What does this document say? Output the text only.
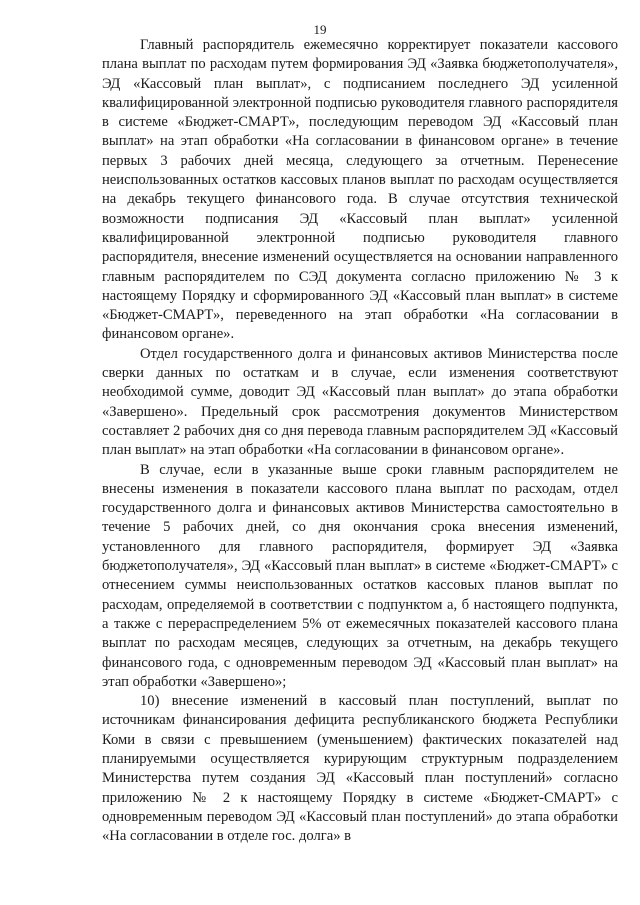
19

Главный распорядитель ежемесячно корректирует показатели кассового плана выплат по расходам путем формирования ЭД «Заявка бюджетополучателя», ЭД «Кассовый план выплат», с подписанием последнего ЭД усиленной квалифицированной электронной подписью руководителя главного распорядителя в системе «Бюджет-СМАРТ», последующим переводом ЭД «Кассовый план выплат» на этап обработки «На согласовании в финансовом органе» в течение первых 3 рабочих дней месяца, следующего за отчетным. Перенесение неиспользованных остатков кассовых планов выплат по расходам осуществляется на декабрь текущего финансового года. В случае отсутствия технической возможности подписания ЭД «Кассовый план выплат» усиленной квалифицированной электронной подписью руководителя главного распорядителя, внесение изменений осуществляется на основании направленного главным распорядителем по СЭД документа согласно приложению № 3 к настоящему Порядку и сформированного ЭД «Кассовый план выплат» в системе «Бюджет-СМАРТ», переведенного на этап обработки «На согласовании в финансовом органе».

Отдел государственного долга и финансовых активов Министерства после сверки данных по остаткам и в случае, если изменения соответствуют необходимой сумме, доводит ЭД «Кассовый план выплат» до этапа обработки «Завершено». Предельный срок рассмотрения документов Министерством составляет 2 рабочих дня со дня перевода главным распорядителем ЭД «Кассовый план выплат» на этап обработки «На согласовании в финансовом органе».

В случае, если в указанные выше сроки главным распорядителем не внесены изменения в показатели кассового плана выплат по расходам, отдел государственного долга и финансовых активов Министерства самостоятельно в течение 5 рабочих дней, со дня окончания срока внесения изменений, установленного для главного распорядителя, формирует ЭД «Заявка бюджетополучателя», ЭД «Кассовый план выплат» в системе «Бюджет-СМАРТ» с отнесением суммы неиспользованных остатков кассовых планов выплат по расходам, определяемой в соответствии с подпунктом а, б настоящего подпункта, а также с перераспределением 5% от ежемесячных показателей кассового плана выплат по расходам месяцев, следующих за отчетным, на декабрь текущего финансового года, с одновременным переводом ЭД «Кассовый план выплат» на этап обработки «Завершено»;

10) внесение изменений в кассовый план поступлений, выплат по источникам финансирования дефицита республиканского бюджета Республики Коми в связи с превышением (уменьшением) фактических показателей над планируемыми осуществляется курирующим структурным подразделением Министерства путем создания ЭД «Кассовый план поступлений» согласно приложению № 2 к настоящему Порядку в системе «Бюджет-СМАРТ» с одновременным переводом ЭД «Кассовый план поступлений» до этапа обработки «На согласовании в отделе гос. долга» в
